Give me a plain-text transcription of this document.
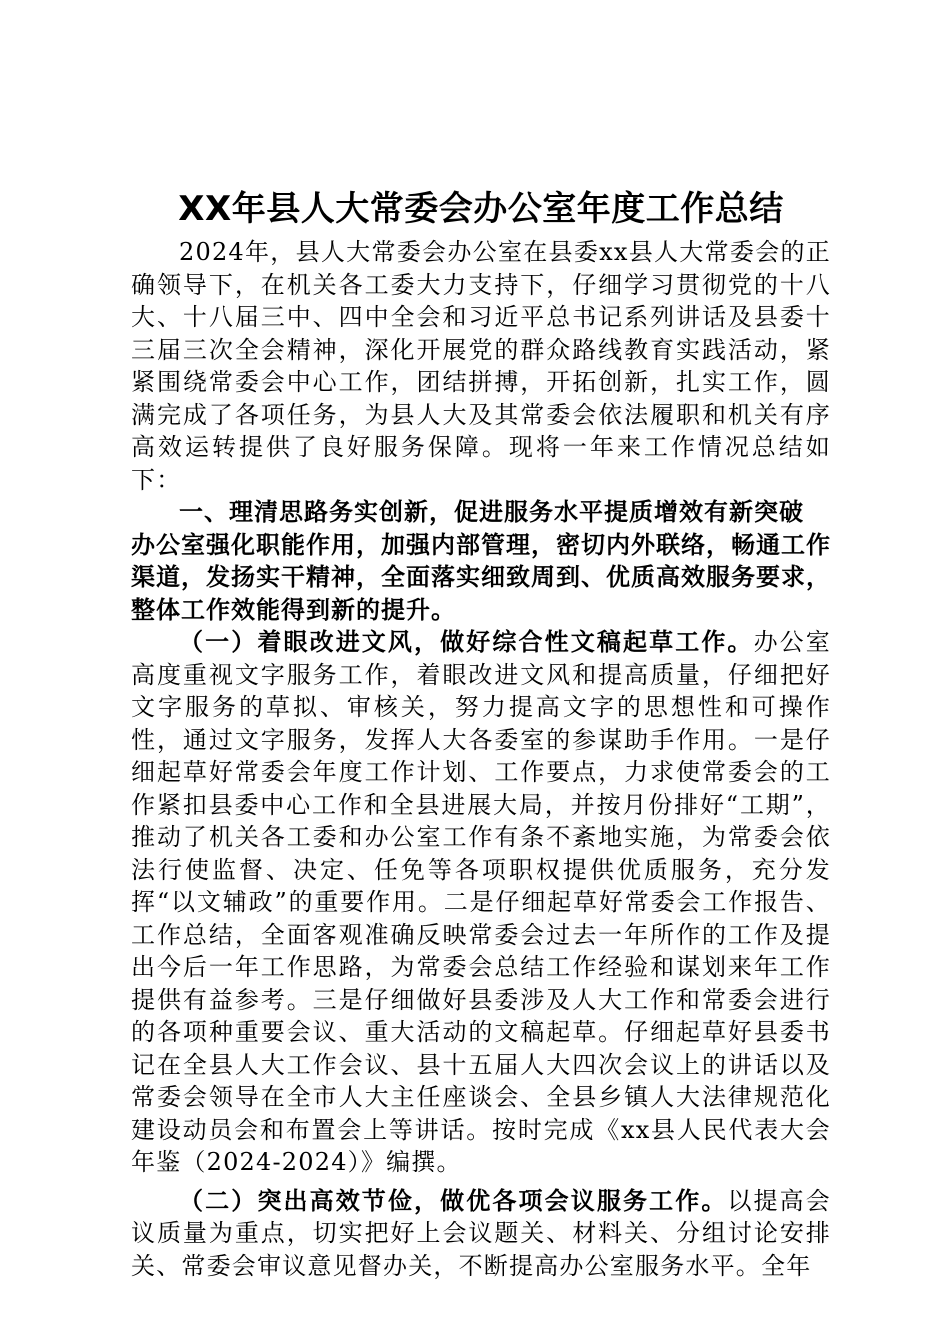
XX年县人大常委会办公室年度工作总结

2024年，县人大常委会办公室在县委xx县人大常委会的正确领导下，在机关各工委大力支持下，仔细学习贯彻党的十八大、十八届三中、四中全会和习近平总书记系列讲话及县委十三届三次全会精神，深化开展党的群众路线教育实践活动，紧紧围绕常委会中心工作，团结拼搏，开拓创新，扎实工作，圆满完成了各项任务，为县人大及其常委会依法履职和机关有序高效运转提供了良好服务保障。现将一年来工作情况总结如下：

一、理清思路务实创新，促进服务水平提质增效有新突破

办公室强化职能作用，加强内部管理，密切内外联络，畅通工作渠道，发扬实干精神，全面落实细致周到、优质高效服务要求，整体工作效能得到新的提升。

（一）着眼改进文风，做好综合性文稿起草工作。办公室高度重视文字服务工作，着眼改进文风和提高质量，仔细把好文字服务的草拟、审核关，努力提高文字的思想性和可操作性，通过文字服务，发挥人大各委室的参谋助手作用。一是仔细起草好常委会年度工作计划、工作要点，力求使常委会的工作紧扣县委中心工作和全县进展大局，并按月份排好“工期”，推动了机关各工委和办公室工作有条不紊地实施，为常委会依法行使监督、决定、任免等各项职权提供优质服务，充分发挥“以文辅政”的重要作用。二是仔细起草好常委会工作报告、工作总结，全面客观准确反映常委会过去一年所作的工作及提出今后一年工作思路，为常委会总结工作经验和谋划来年工作提供有益参考。三是仔细做好县委涉及人大工作和常委会进行的各项种重要会议、重大活动的文稿起草。仔细起草好县委书记在全县人大工作会议、县十五届人大四次会议上的讲话以及常委会领导在全市人大主任座谈会、全县乡镇人大法律规范化建设动员会和布置会上等讲话。按时完成《xx县人民代表大会年鉴（2024-2024）》编撰。

（二）突出高效节俭，做优各项会议服务工作。以提高会议质量为重点，切实把好上会议题关、材料关、分组讨论安排关、常委会审议意见督办关，不断提高办公室服务水平。全年
